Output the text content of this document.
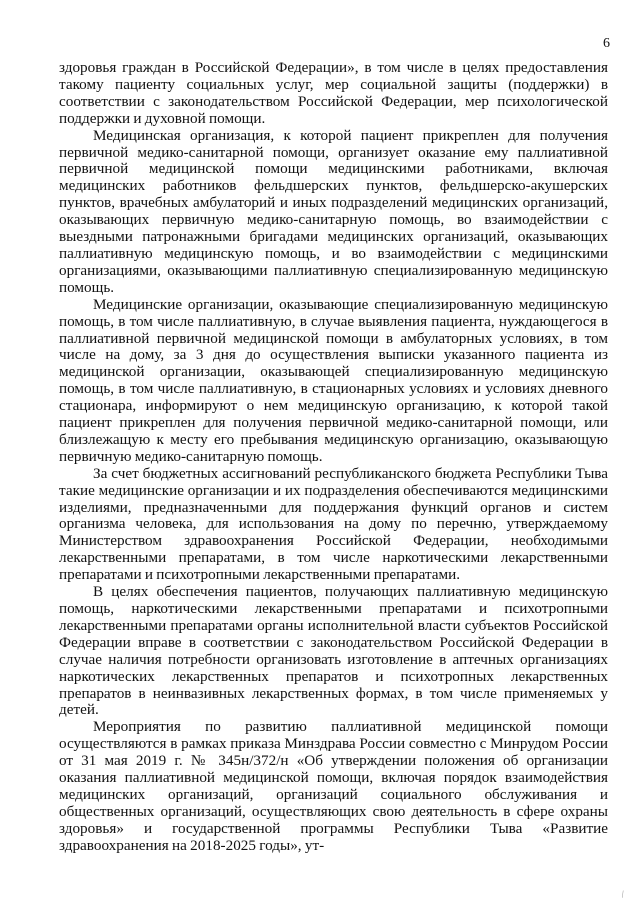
6

здоровья граждан в Российской Федерации», в том числе в целях предоставления такому пациенту социальных услуг, мер социальной защиты (поддержки) в соответствии с законодательством Российской Федерации, мер психологической поддержки и духовной помощи.

Медицинская организация, к которой пациент прикреплен для получения первичной медико-санитарной помощи, организует оказание ему паллиативной первичной медицинской помощи медицинскими работниками, включая медицинских работников фельдшерских пунктов, фельдшерско-акушерских пунктов, врачебных амбулаторий и иных подразделений медицинских организаций, оказывающих первичную медико-санитарную помощь, во взаимодействии с выездными патронажными бригадами медицинских организаций, оказывающих паллиативную медицинскую помощь, и во взаимодействии с медицинскими организациями, оказывающими паллиативную специализированную медицинскую помощь.

Медицинские организации, оказывающие специализированную медицинскую помощь, в том числе паллиативную, в случае выявления пациента, нуждающегося в паллиативной первичной медицинской помощи в амбулаторных условиях, в том числе на дому, за 3 дня до осуществления выписки указанного пациента из медицинской организации, оказывающей специализированную медицинскую помощь, в том числе паллиативную, в стационарных условиях и условиях дневного стационара, информируют о нем медицинскую организацию, к которой такой пациент прикреплен для получения первичной медико-санитарной помощи, или близлежащую к месту его пребывания медицинскую организацию, оказывающую первичную медико-санитарную помощь.

За счет бюджетных ассигнований республиканского бюджета Республики Тыва такие медицинские организации и их подразделения обеспечиваются медицинскими изделиями, предназначенными для поддержания функций органов и систем организма человека, для использования на дому по перечню, утверждаемому Министерством здравоохранения Российской Федерации, необходимыми лекарственными препаратами, в том числе наркотическими лекарственными препаратами и психотропными лекарственными препаратами.

В целях обеспечения пациентов, получающих паллиативную медицинскую помощь, наркотическими лекарственными препаратами и психотропными лекарственными препаратами органы исполнительной власти субъектов Российской Федерации вправе в соответствии с законодательством Российской Федерации в случае наличия потребности организовать изготовление в аптечных организациях наркотических лекарственных препаратов и психотропных лекарственных препаратов в неинвазивных лекарственных формах, в том числе применяемых у детей.

Мероприятия по развитию паллиативной медицинской помощи осуществляются в рамках приказа Минздрава России совместно с Минрудом России от 31 мая 2019 г. № 345н/372/н «Об утверждении положения об организации оказания паллиативной медицинской помощи, включая порядок взаимодействия медицинских организаций, организаций социального обслуживания и общественных организаций, осуществляющих свою деятельность в сфере охраны здоровья» и государственной программы Республики Тыва «Развитие здравоохранения на 2018-2025 годы», ут-

∕
